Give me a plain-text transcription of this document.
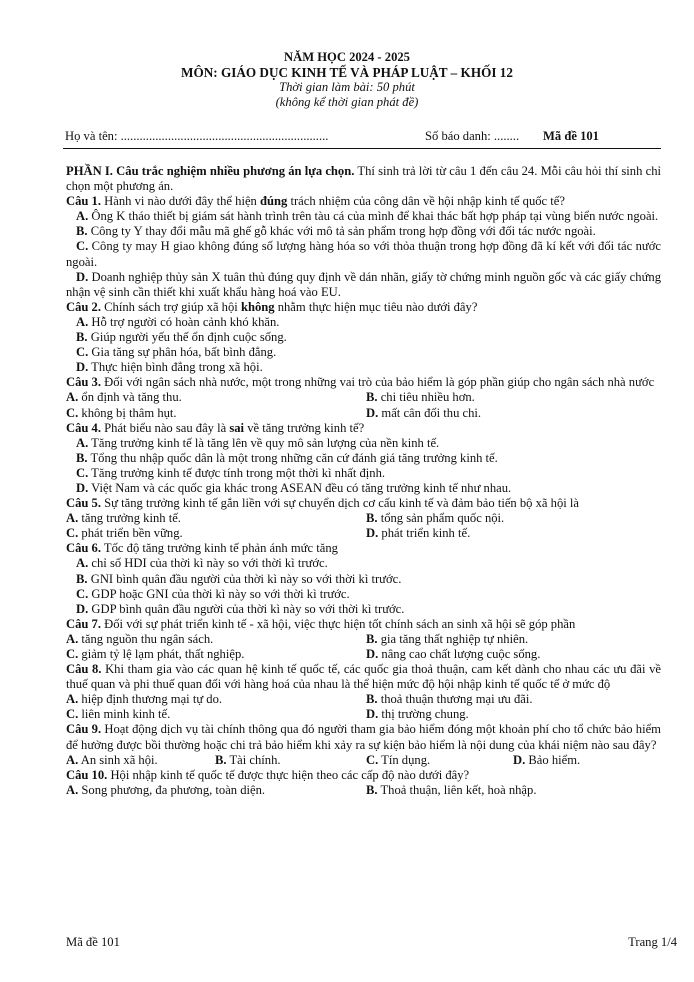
NĂM HỌC 2024 - 2025
MÔN: GIÁO DỤC KINH TẾ VÀ PHÁP LUẬT – KHỐI 12
Thời gian làm bài: 50 phút
(không kể thời gian phát đề)
Họ và tên: ..................................................................	Số báo danh: ........ Mã đề 101

PHẦN I. Câu trắc nghiệm nhiều phương án lựa chọn. Thí sinh trả lời từ câu 1 đến câu 24. Mỗi câu hỏi thí sinh chỉ chọn một phương án.

Câu 1. Hành vi nào dưới đây thể hiện đúng trách nhiệm của công dân về hội nhập kinh tế quốc tế?

A. Ông K tháo thiết bị giám sát hành trình trên tàu cá của mình để khai thác bất hợp pháp tại vùng biển nước ngoài.

B. Công ty Y thay đổi mẫu mã ghế gỗ khác với mô tả sản phẩm trong hợp đồng với đối tác nước ngoài.

C. Công ty may H giao không đúng số lượng hàng hóa so với thỏa thuận trong hợp đồng đã kí kết với đối tác nước ngoài.

D. Doanh nghiệp thủy sản X tuân thủ đúng quy định về dán nhãn, giấy tờ chứng minh nguồn gốc và các giấy chứng nhận vệ sinh cần thiết khi xuất khẩu hàng hoá vào EU.

Câu 2. Chính sách trợ giúp xã hội không nhằm thực hiện mục tiêu nào dưới đây?

A. Hỗ trợ người có hoàn cảnh khó khăn.

B. Giúp người yếu thế ổn định cuộc sống.

C. Gia tăng sự phân hóa, bất bình đẳng.

D. Thực hiện bình đẳng trong xã hội.

Câu 3. Đối với ngân sách nhà nước, một trong những vai trò của bảo hiểm là góp phần giúp cho ngân sách nhà nước

A. ổn định và tăng thu.	B. chi tiêu nhiều hơn.
C. không bị thâm hụt.	D. mất cân đối thu chi.

Câu 4. Phát biểu nào sau đây là sai về tăng trưởng kinh tế?

A. Tăng trưởng kinh tế là tăng lên về quy mô sản lượng của nền kinh tế.

B. Tổng thu nhập quốc dân là một trong những căn cứ đánh giá tăng trưởng kinh tế.

C. Tăng trưởng kinh tế được tính trong một thời kì nhất định.

D. Việt Nam và các quốc gia khác trong ASEAN đều có tăng trưởng kinh tế như nhau.

Câu 5. Sự tăng trưởng kinh tế gắn liền với sự chuyển dịch cơ cấu kinh tế và đảm bảo tiến bộ xã hội là

A. tăng trưởng kinh tế.	B. tổng sản phẩm quốc nội.
C. phát triển bền vững.	D. phát triển kinh tế.

Câu 6. Tốc độ tăng trưởng kinh tế phản ánh mức tăng

A. chỉ số HDI của thời kì này so với thời kì trước.

B. GNI bình quân đầu người của thời kì này so với thời kì trước.

C. GDP hoặc GNI của thời kì này so với thời kì trước.

D. GDP bình quân đầu người của thời kì này so với thời kì trước.

Câu 7. Đối với sự phát triển kinh tế - xã hội, việc thực hiện tốt chính sách an sinh xã hội sẽ góp phần

A. tăng nguồn thu ngân sách.	B. gia tăng thất nghiệp tự nhiên.
C. giảm tỷ lệ lạm phát, thất nghiệp.	D. nâng cao chất lượng cuộc sống.

Câu 8. Khi tham gia vào các quan hệ kinh tế quốc tế, các quốc gia thoả thuận, cam kết dành cho nhau các ưu đãi về thuế quan và phi thuế quan đối với hàng hoá của nhau là thể hiện mức độ hội nhập kinh tế quốc tế ở mức độ

A. hiệp định thương mại tự do.	B. thoả thuận thương mại ưu đãi.
C. liên minh kinh tế.	D. thị trường chung.

Câu 9. Hoạt động dịch vụ tài chính thông qua đó người tham gia bảo hiểm đóng một khoản phí cho tổ chức bảo hiểm để hưởng được bồi thường hoặc chi trả bảo hiểm khi xảy ra sự kiện bảo hiểm là nội dung của khái niệm nào sau đây?

A. An sinh xã hội.	B. Tài chính.	C. Tín dụng.	D. Bảo hiểm.

Câu 10. Hội nhập kinh tế quốc tế được thực hiện theo các cấp độ nào dưới đây?

A. Song phương, đa phương, toàn diện.	B. Thoả thuận, liên kết, hoà nhập.
Mã đề 101	Trang 1/4
